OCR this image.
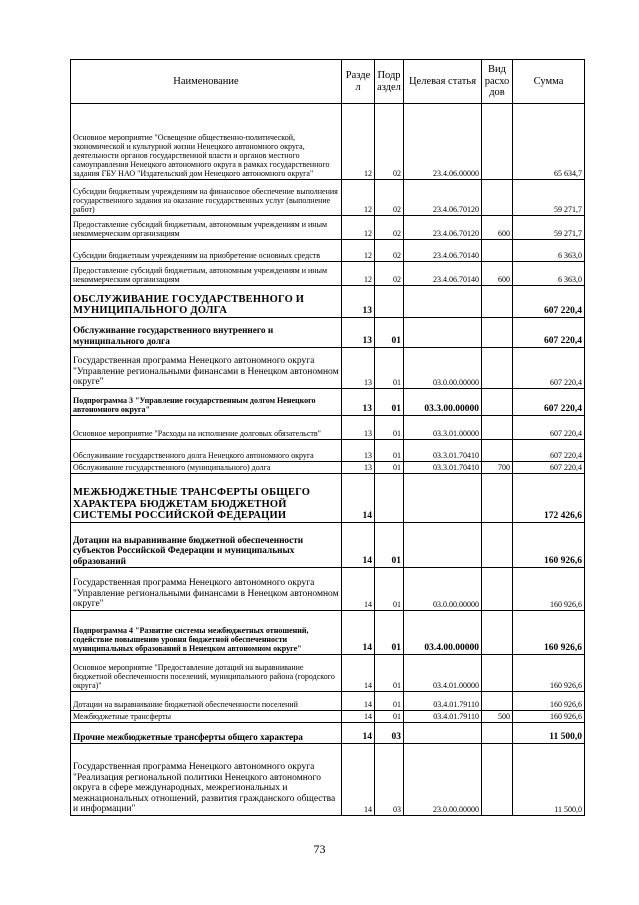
Наименование	Разде л	Подр аздел	Целевая статья	Вид расхо дов	Сумма
Основное мероприятие "Освещение общественно-политической, экономической и культурной жизни Ненецкого автономного округа, деятельности органов государственной власти и органов местного самоуправления Ненецкого автономного округа в рамках государственного задания ГБУ НАО "Издательский дом Ненецкого автономного округа"	12	02	23.4.06.00000		65 634,7
Субсидии бюджетным учреждениям на финансовое обеспечение выполнения государственного задания на оказание государственных услуг (выполнение работ)	12	02	23.4.06.70120		59 271,7
Предоставление субсидий бюджетным, автономным учреждениям и иным некоммерческим организациям	12	02	23.4.06.70120	600	59 271,7
Субсидии бюджетным учреждениям на приобретение основных средств	12	02	23.4.06.70140		6 363,0
Предоставление субсидий бюджетным, автономным учреждениям и иным некоммерческим организациям	12	02	23.4.06.70140	600	6 363,0
ОБСЛУЖИВАНИЕ ГОСУДАРСТВЕННОГО И МУНИЦИПАЛЬНОГО ДОЛГА	13				607 220,4
Обслуживание государственного внутреннего и муниципального долга	13	01			607 220,4
Государственная программа Ненецкого автономного округа "Управление региональными финансами в Ненецком автономном округе"	13	01	03.0.00.00000		607 220,4
Подпрограмма 3 "Управление государственным долгом Ненецкого автономного округа"	13	01	03.3.00.00000		607 220,4
Основное мероприятие "Расходы на исполнение долговых обязательств"	13	01	03.3.01.00000		607 220,4
Обслуживание государственного долга Ненецкого автономного округа	13	01	03.3.01.70410		607 220,4
Обслуживание государственного (муниципального) долга	13	01	03.3.01.70410	700	607 220,4
МЕЖБЮДЖЕТНЫЕ ТРАНСФЕРТЫ ОБЩЕГО ХАРАКТЕРА БЮДЖЕТАМ БЮДЖЕТНОЙ СИСТЕМЫ РОССИЙСКОЙ ФЕДЕРАЦИИ	14				172 426,6
Дотации на выравнивание бюджетной обеспеченности субъектов Российской Федерации и муниципальных образований	14	01			160 926,6
Государственная программа Ненецкого автономного округа "Управление региональными финансами в Ненецком автономном округе"	14	01	03.0.00.00000		160 926,6
Подпрограмма 4 "Развитие системы межбюджетных отношений, содействие повышению уровня бюджетной обеспеченности муниципальных образований в Ненецком автономном округе"	14	01	03.4.00.00000		160 926,6
Основное мероприятие "Предоставление дотаций на выравнивание бюджетной обеспеченности поселений, муниципального района (городского округа)"	14	01	03.4.01.00000		160 926,6
Дотации на выравнивание бюджетной обеспеченности поселений	14	01	03.4.01.79110		160 926,6
Межбюджетные трансферты	14	01	03.4.01.79110	500	160 926,6
Прочие межбюджетные трансферты общего характера	14	03			11 500,0
Государственная программа Ненецкого автономного округа "Реализация региональной политики Ненецкого автономного округа в сфере международных, межрегиональных и межнациональных отношений, развития гражданского общества и информации"	14	03	23.0.00.00000		11 500,0
73
